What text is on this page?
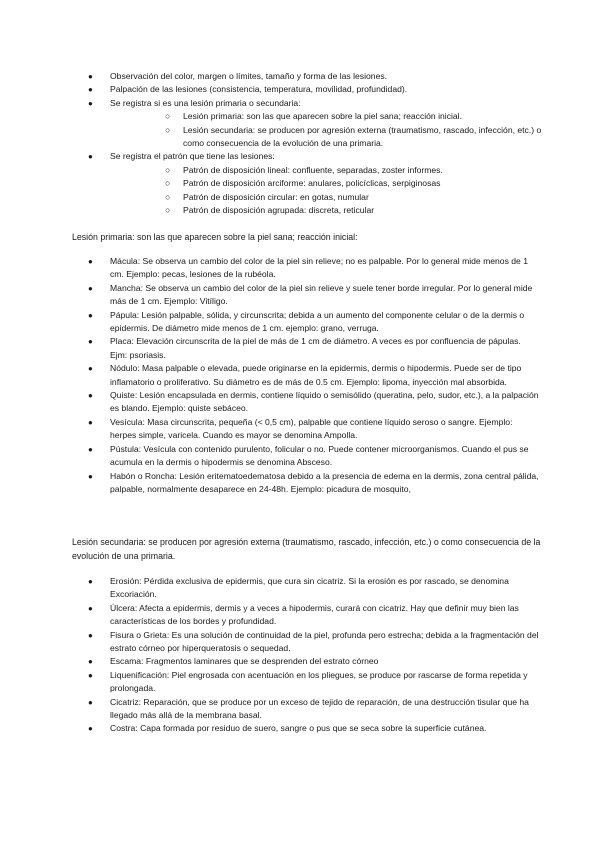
● Observación del color, margen o límites, tamaño y forma de las lesiones.
● Palpación de las lesiones (consistencia, temperatura, movilidad, profundidad).
● Se registra si es una lesión primaria o secundaria:
○ Lesión primaria: son las que aparecen sobre la piel sana; reacción inicial.
○ Lesión secundaria: se producen por agresión externa (traumatismo, rascado, infección, etc.) o como consecuencia de la evolución de una primaria.
● Se registra el patrón que tiene las lesiones:
○ Patrón de disposición lineal: confluente, separadas, zoster informes.
○ Patrón de disposición arciforme: anulares, policíclicas, serpiginosas
○ Patrón de disposición circular: en gotas, numular
○ Patrón de disposición agrupada: discreta, reticular

Lesión primaria: son las que aparecen sobre la piel sana; reacción inicial:

● Mácula: Se observa un cambio del color de la piel sin relieve; no es palpable. Por lo general mide menos de 1 cm. Ejemplo: pecas, lesiones de la rubéola.
● Mancha: Se observa un cambio del color de la piel sin relieve y suele tener borde irregular. Por lo general mide más de 1 cm. Ejemplo: Vitíligo.
● Pápula: Lesión palpable, sólida, y circunscrita; debida a un aumento del componente celular o de la dermis o epidermis. De diámetro mide menos de 1 cm. ejemplo: grano, verruga.
● Placa: Elevación circunscrita de la piel de más de 1 cm de diámetro. A veces es por confluencia de pápulas. Ejm: psoriasis.
● Nódulo: Masa palpable o elevada, puede originarse en la epidermis, dermis o hipodermis. Puede ser de tipo inflamatorio o proliferativo. Su diámetro es de más de 0.5 cm. Ejemplo: lipoma, inyección mal absorbida.
● Quiste: Lesión encapsulada en dermis, contiene líquido o semisólido (queratina, pelo, sudor, etc.), a la palpación es blando. Ejemplo: quiste sebáceo.
● Vesícula: Masa circunscrita, pequeña (< 0,5 cm), palpable que contiene líquido seroso o sangre. Ejemplo: herpes simple, varicela. Cuando es mayor se denomina Ampolla.
● Pústula: Vesícula con contenido purulento, folicular o no. Puede contener microorganismos. Cuando el pus se acumula en la dermis o hipodermis se denomina Absceso.
● Habón o Roncha: Lesión eritematoedematosa debido a la presencia de edema en la dermis, zona central pálida, palpable, normalmente desaparece en 24-48h. Ejemplo: picadura de mosquito,

Lesión secundaria: se producen por agresión externa (traumatismo, rascado, infección, etc.) o como consecuencia de la evolución de una primaria.

● Erosión: Pérdida exclusiva de epidermis, que cura sin cicatriz. Si la erosión es por rascado, se denomina Excoriación.
● Úlcera: Afecta a epidermis, dermis y a veces a hipodermis, curará con cicatriz. Hay que definir muy bien las características de los bordes y profundidad.
● Fisura o Grieta: Es una solución de continuidad de la piel, profunda pero estrecha; debida a la fragmentación del estrato córneo por hiperqueratosis o sequedad.
● Escama: Fragmentos laminares que se desprenden del estrato córneo
● Liquenificación: Piel engrosada con acentuación en los pliegues, se produce por rascarse de forma repetida y prolongada.
● Cicatriz: Reparación, que se produce por un exceso de tejido de reparación, de una destrucción tisular que ha llegado más allá de la membrana basal.
● Costra: Capa formada por residuo de suero, sangre o pus que se seca sobre la superficie cutánea.
